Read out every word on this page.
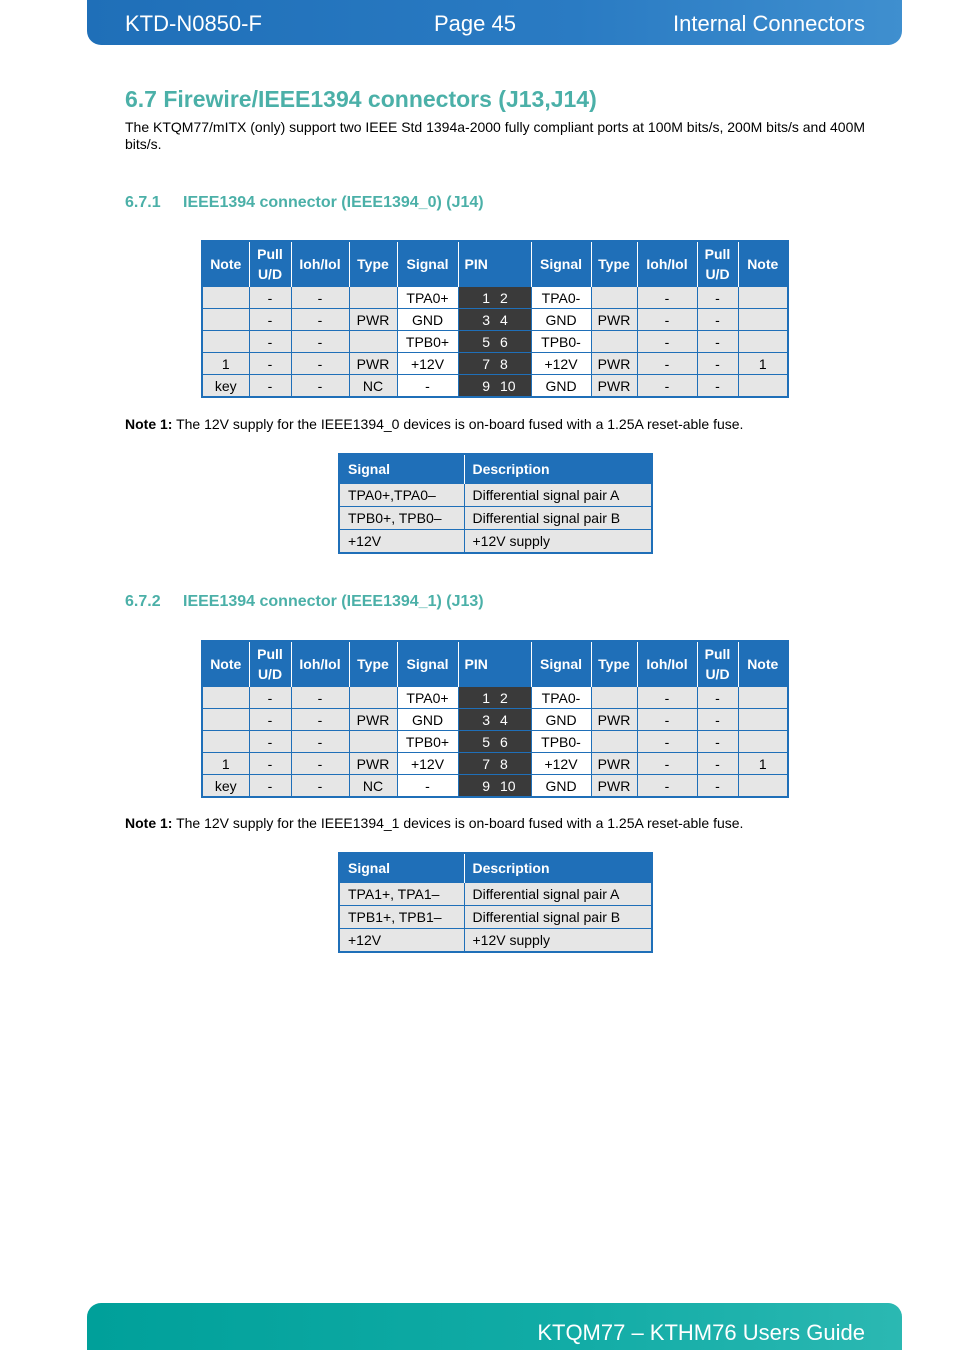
KTD-N0850-F	Page 45	Internal Connectors
6.7 Firewire/IEEE1394 connectors (J13,J14)

The KTQM77/mITX (only) support two IEEE Std 1394a-2000 fully compliant ports at 100M bits/s, 200M bits/s and 400M bits/s.

6.7.1 IEEE1394 connector (IEEE1394_0) (J14)
Note	Pull U/D	Ioh/Iol	Type	Signal	PIN		Signal	Type	Ioh/Iol	Pull U/D	Note
	-	-		TPA0+	1	2	TPA0-		-	-	
	-	-	PWR	GND	3	4	GND	PWR	-	-	
	-	-		TPB0+	5	6	TPB0-		-	-	
1	-	-	PWR	+12V	7	8	+12V	PWR	-	-	1
key	-	-	NC	-	9	10	GND	PWR	-	-	

Note 1: The 12V supply for the IEEE1394_0 devices is on-board fused with a 1.25A reset-able fuse.

Signal	Description
TPA0+,TPA0–	Differential signal pair A
TPB0+, TPB0–	Differential signal pair B
+12V	+12V supply
6.7.2 IEEE1394 connector (IEEE1394_1) (J13)
Note	Pull U/D	Ioh/Iol	Type	Signal	PIN		Signal	Type	Ioh/Iol	Pull U/D	Note
	-	-		TPA0+	1	2	TPA0-		-	-	
	-	-	PWR	GND	3	4	GND	PWR	-	-	
	-	-		TPB0+	5	6	TPB0-		-	-	
1	-	-	PWR	+12V	7	8	+12V	PWR	-	-	1
key	-	-	NC	-	9	10	GND	PWR	-	-	

Note 1: The 12V supply for the IEEE1394_1 devices is on-board fused with a 1.25A reset-able fuse.

Signal	Description
TPA1+, TPA1–	Differential signal pair A
TPB1+, TPB1–	Differential signal pair B
+12V	+12V supply
KTQM77 – KTHM76 Users Guide
